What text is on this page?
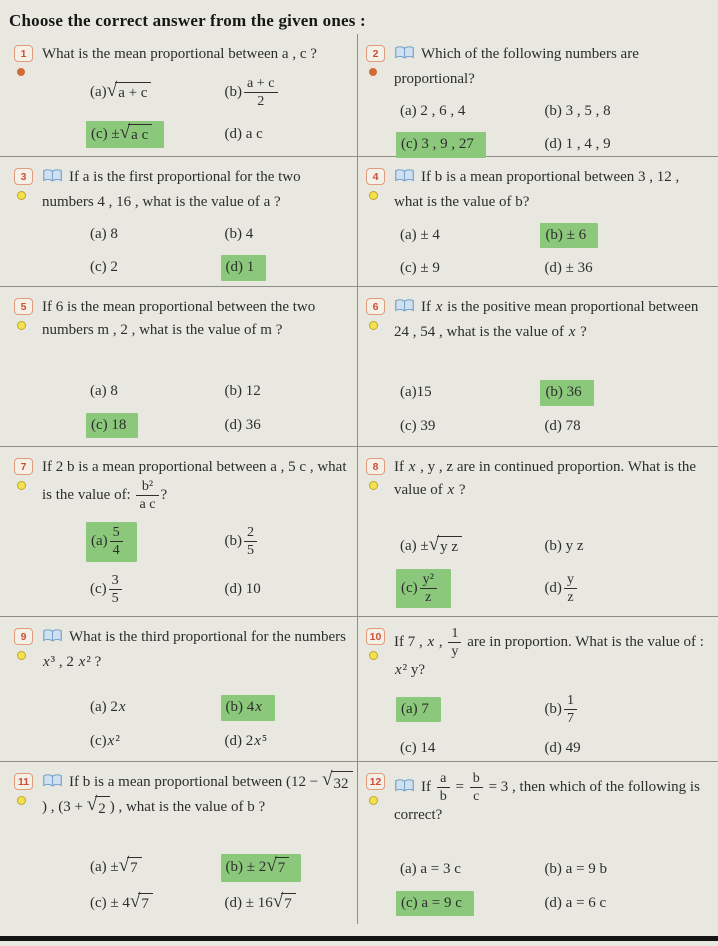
Choose the correct answer from the given ones :
1	What is the mean proportional between a , c ?
(a) √ a + c	$(b) \frac{a + c}{2}$
(c) ± √ a c	(d) a c
2	Which of the following numbers are proportional?
(a) 2 , 6 , 4	(b) 3 , 5 , 8
(c) 3 , 9 , 27	(d) 1 , 4 , 9
3	If a is the first proportional for the two numbers 4 , 16 , what is the value of a ?
(a) 8	(b) 4
(c) 2	(d) 1
4	If b is a mean proportional between 3 , 12 , what is the value of b?
(a) ± 4	(b) ± 6
(c) ± 9	(d) ± 36
5	If 6 is the mean proportional between the two numbers m , 2 , what is the value of m ?
(a) 8	(b) 12
(c) 18	(d) 36
6	If x is the positive mean proportional between 24 , 54 , what is the value of x ?
(a)15	(b) 36
(c) 39	(d) 78
7	If 2 b is a mean proportional between a , 5 c , what is the value of: $\frac{\text{b²}}{\text{a c}}$ ?
$(a) \frac{5}{4}$	$(b) \frac{2}{5}$
$(c) \frac{3}{5}$	(d) 10
8	If x , y , z are in continued proportion. What is the value of x ?
(a) ± √ y z	(b) y z
$(c) \frac{\text{y²}}{z}$	$(d) \frac{y}{z}$
9	What is the third proportional for the numbers x³ , 2 x² ?
(a) 2 x	(b) 4 x
(c) x ²	(d) 2 x ⁵
10 If 7 , x , $\frac{1}{y}$ are in proportion. What is the value of : x² y?
(a) 7	$(b) \frac{1}{7}$
(c) 14	(d) 49
11	If b is a mean proportional between (12 − √ 32
) , (3 + √ 2 ) , what is the value of b ?
(a) ± √ 7	(b) ± 2 √ 7
(c) ± 4 √ 7	(d) ± 16 √ 7
12	If $\frac{a}{b} = \frac{b}{c} = 3$ , then which of the following is correct?
(a) a = 3 c	(b) a = 9 b
(c) a = 9 c	(d) a = 6 c
